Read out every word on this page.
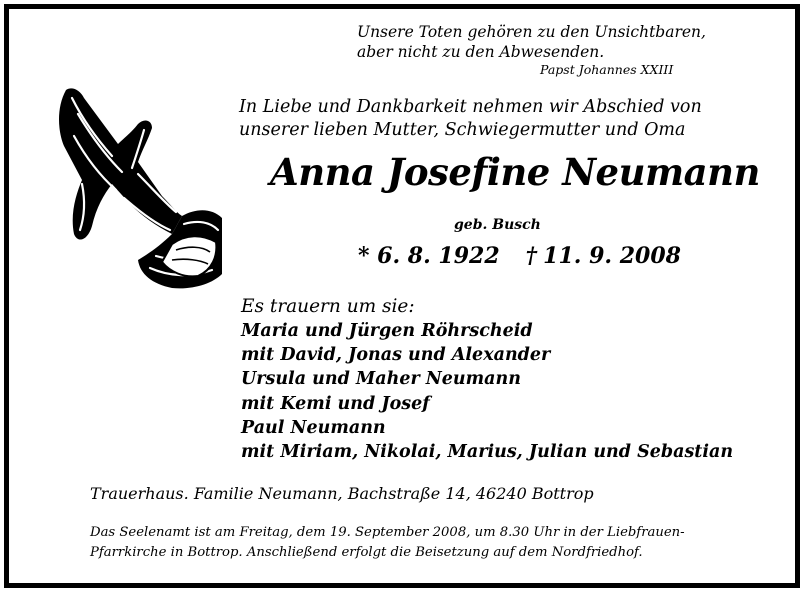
Unsere Toten gehören zu den Unsichtbaren,
aber nicht zu den Abwesenden.
Papst Johannes XXIII
In Liebe und Dankbarkeit nehmen wir Abschied von
unserer lieben Mutter, Schwiegermutter und Oma
Anna Josefine Neumann
geb. Busch
* 6. 8. 1922 † 11. 9. 2008
Es trauern um sie:
Maria und Jürgen Röhrscheid
mit David, Jonas und Alexander
Ursula und Maher Neumann
mit Kemi und Josef
Paul Neumann
mit Miriam, Nikolai, Marius, Julian und Sebastian
Trauerhaus. Familie Neumann, Bachstraße 14, 46240 Bottrop
Das Seelenamt ist am Freitag, dem 19. September 2008, um 8.30 Uhr in der Liebfrauen-
Pfarrkirche in Bottrop. Anschließend erfolgt die Beisetzung auf dem Nordfriedhof.
